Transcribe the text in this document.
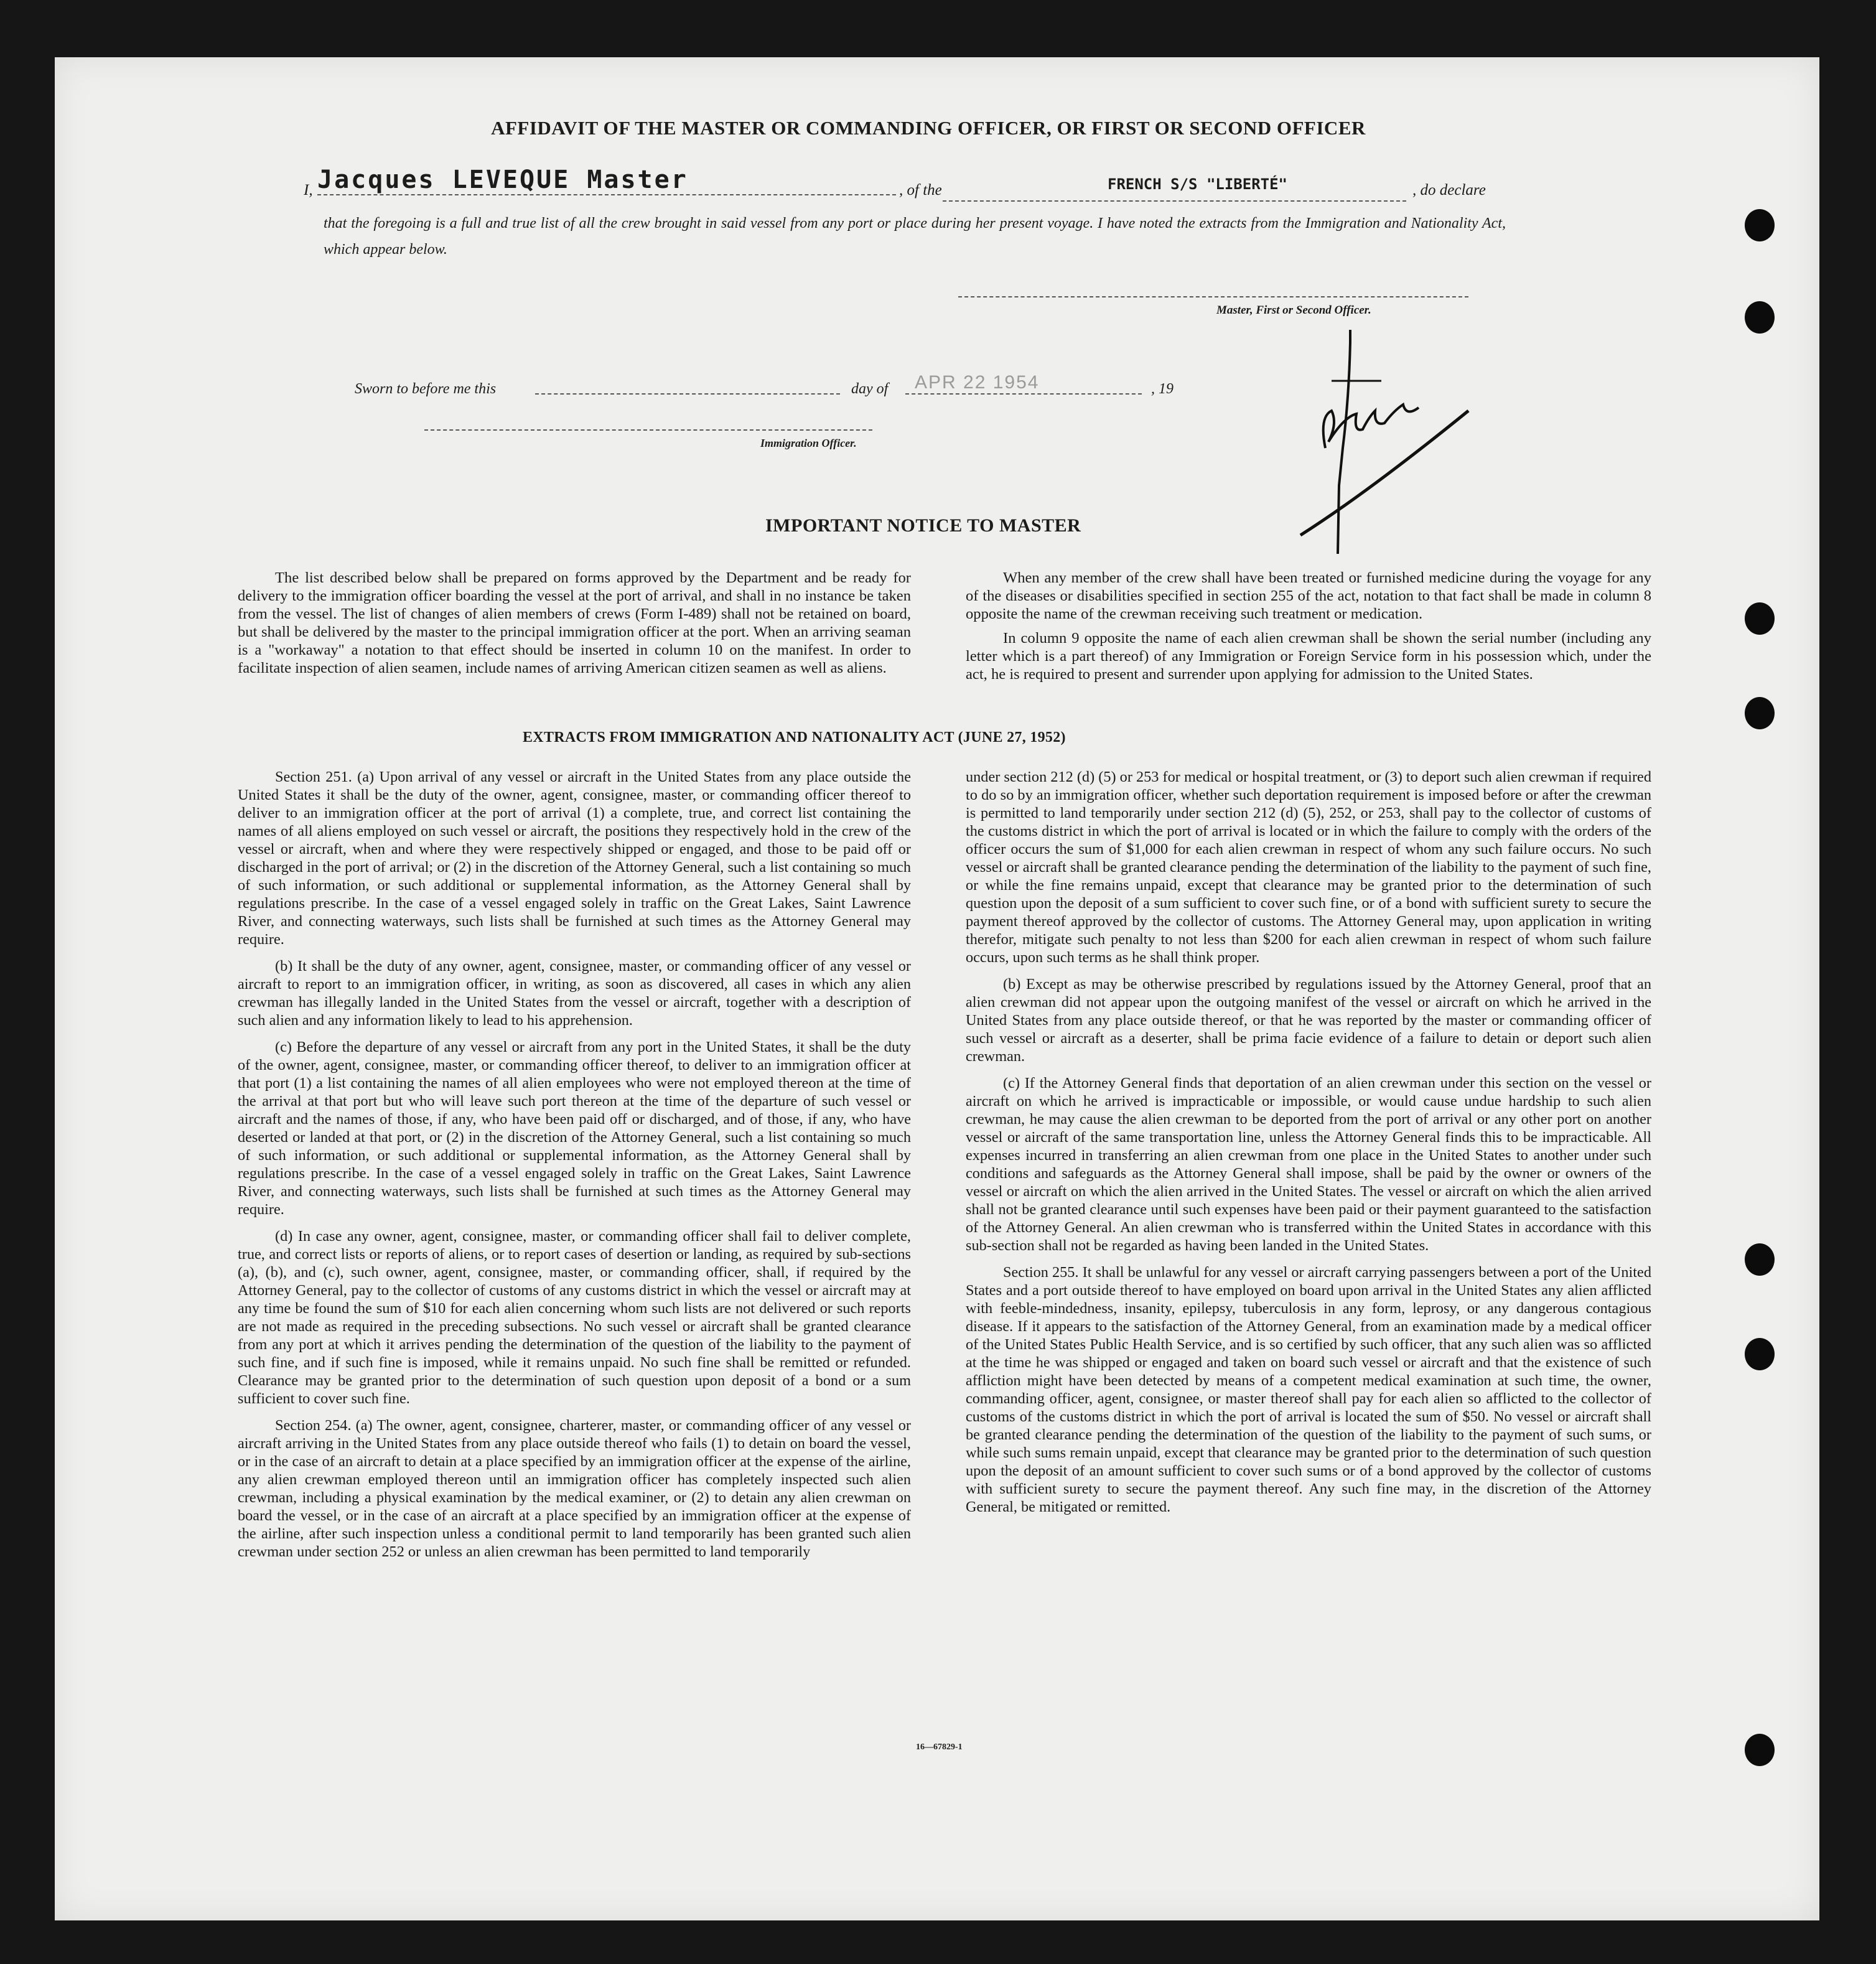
AFFIDAVIT OF THE MASTER OR COMMANDING OFFICER, OR FIRST OR SECOND OFFICER
I, Jacques LEVEQUE Master	, of the	FRENCH S/S "LIBERTÉ"	, do declare
that the foregoing is a full and true list of all the crew brought in said vessel from any port or place during her present voyage. I have noted the extracts from the Immigration and Nationality Act, which appear below.
Master, First or Second Officer.
Sworn to before me this	day of APR 22 1954	, 19
Immigration Officer.
IMPORTANT NOTICE TO MASTER

The list described below shall be prepared on forms approved by the Department and be ready for delivery to the immigration officer boarding the vessel at the port of arrival, and shall in no instance be taken from the vessel. The list of changes of alien members of crews (Form I-489) shall not be retained on board, but shall be delivered by the master to the principal immigration officer at the port. When an arriving seaman is a "workaway" a notation to that effect should be inserted in column 10 on the manifest. In order to facilitate inspection of alien seamen, include names of arriving American citizen seamen as well as aliens.

When any member of the crew shall have been treated or furnished medicine during the voyage for any of the diseases or disabilities specified in section 255 of the act, notation to that fact shall be made in column 8 opposite the name of the crewman receiving such treatment or medication.

In column 9 opposite the name of each alien crewman shall be shown the serial number (including any letter which is a part thereof) of any Immigration or Foreign Service form in his possession which, under the act, he is required to present and surrender upon applying for admission to the United States.

EXTRACTS FROM IMMIGRATION AND NATIONALITY ACT (JUNE 27, 1952)

Section 251. (a) Upon arrival of any vessel or aircraft in the United States from any place outside the United States it shall be the duty of the owner, agent, consignee, master, or commanding officer thereof to deliver to an immigration officer at the port of arrival (1) a complete, true, and correct list containing the names of all aliens employed on such vessel or aircraft, the positions they respectively hold in the crew of the vessel or aircraft, when and where they were respectively shipped or engaged, and those to be paid off or discharged in the port of arrival; or (2) in the discretion of the Attorney General, such a list containing so much of such information, or such additional or supplemental information, as the Attorney General shall by regulations prescribe. In the case of a vessel engaged solely in traffic on the Great Lakes, Saint Lawrence River, and connecting waterways, such lists shall be furnished at such times as the Attorney General may require.

(b) It shall be the duty of any owner, agent, consignee, master, or commanding officer of any vessel or aircraft to report to an immigration officer, in writing, as soon as discovered, all cases in which any alien crewman has illegally landed in the United States from the vessel or aircraft, together with a description of such alien and any information likely to lead to his apprehension.

(c) Before the departure of any vessel or aircraft from any port in the United States, it shall be the duty of the owner, agent, consignee, master, or commanding officer thereof, to deliver to an immigration officer at that port (1) a list containing the names of all alien employees who were not employed thereon at the time of the arrival at that port but who will leave such port thereon at the time of the departure of such vessel or aircraft and the names of those, if any, who have been paid off or discharged, and of those, if any, who have deserted or landed at that port, or (2) in the discretion of the Attorney General, such a list containing so much of such information, or such additional or supplemental information, as the Attorney General shall by regulations prescribe. In the case of a vessel engaged solely in traffic on the Great Lakes, Saint Lawrence River, and connecting waterways, such lists shall be furnished at such times as the Attorney General may require.

(d) In case any owner, agent, consignee, master, or commanding officer shall fail to deliver complete, true, and correct lists or reports of aliens, or to report cases of desertion or landing, as required by sub-sections (a), (b), and (c), such owner, agent, consignee, master, or commanding officer, shall, if required by the Attorney General, pay to the collector of customs of any customs district in which the vessel or aircraft may at any time be found the sum of $10 for each alien concerning whom such lists are not delivered or such reports are not made as required in the preceding subsections. No such vessel or aircraft shall be granted clearance from any port at which it arrives pending the determination of the question of the liability to the payment of such fine, and if such fine is imposed, while it remains unpaid. No such fine shall be remitted or refunded. Clearance may be granted prior to the determination of such question upon deposit of a bond or a sum sufficient to cover such fine.

Section 254. (a) The owner, agent, consignee, charterer, master, or commanding officer of any vessel or aircraft arriving in the United States from any place outside thereof who fails (1) to detain on board the vessel, or in the case of an aircraft to detain at a place specified by an immigration officer at the expense of the airline, any alien crewman employed thereon until an immigration officer has completely inspected such alien crewman, including a physical examination by the medical examiner, or (2) to detain any alien crewman on board the vessel, or in the case of an aircraft at a place specified by an immigration officer at the expense of the airline, after such inspection unless a conditional permit to land temporarily has been granted such alien crewman under section 252 or unless an alien crewman has been permitted to land temporarily

under section 212 (d) (5) or 253 for medical or hospital treatment, or (3) to deport such alien crewman if required to do so by an immigration officer, whether such deportation requirement is imposed before or after the crewman is permitted to land temporarily under section 212 (d) (5), 252, or 253, shall pay to the collector of customs of the customs district in which the port of arrival is located or in which the failure to comply with the orders of the officer occurs the sum of $1,000 for each alien crewman in respect of whom any such failure occurs. No such vessel or aircraft shall be granted clearance pending the determination of the liability to the payment of such fine, or while the fine remains unpaid, except that clearance may be granted prior to the determination of such question upon the deposit of a sum sufficient to cover such fine, or of a bond with sufficient surety to secure the payment thereof approved by the collector of customs. The Attorney General may, upon application in writing therefor, mitigate such penalty to not less than $200 for each alien crewman in respect of whom such failure occurs, upon such terms as he shall think proper.

(b) Except as may be otherwise prescribed by regulations issued by the Attorney General, proof that an alien crewman did not appear upon the outgoing manifest of the vessel or aircraft on which he arrived in the United States from any place outside thereof, or that he was reported by the master or commanding officer of such vessel or aircraft as a deserter, shall be prima facie evidence of a failure to detain or deport such alien crewman.

(c) If the Attorney General finds that deportation of an alien crewman under this section on the vessel or aircraft on which he arrived is impracticable or impossible, or would cause undue hardship to such alien crewman, he may cause the alien crewman to be deported from the port of arrival or any other port on another vessel or aircraft of the same transportation line, unless the Attorney General finds this to be impracticable. All expenses incurred in transferring an alien crewman from one place in the United States to another under such conditions and safeguards as the Attorney General shall impose, shall be paid by the owner or owners of the vessel or aircraft on which the alien arrived in the United States. The vessel or aircraft on which the alien arrived shall not be granted clearance until such expenses have been paid or their payment guaranteed to the satisfaction of the Attorney General. An alien crewman who is transferred within the United States in accordance with this sub-section shall not be regarded as having been landed in the United States.

Section 255. It shall be unlawful for any vessel or aircraft carrying passengers between a port of the United States and a port outside thereof to have employed on board upon arrival in the United States any alien afflicted with feeble-mindedness, insanity, epilepsy, tuberculosis in any form, leprosy, or any dangerous contagious disease. If it appears to the satisfaction of the Attorney General, from an examination made by a medical officer of the United States Public Health Service, and is so certified by such officer, that any such alien was so afflicted at the time he was shipped or engaged and taken on board such vessel or aircraft and that the existence of such affliction might have been detected by means of a competent medical examination at such time, the owner, commanding officer, agent, consignee, or master thereof shall pay for each alien so afflicted to the collector of customs of the customs district in which the port of arrival is located the sum of $50. No vessel or aircraft shall be granted clearance pending the determination of the question of the liability to the payment of such sums, or while such sums remain unpaid, except that clearance may be granted prior to the determination of such question upon the deposit of an amount sufficient to cover such sums or of a bond approved by the collector of customs with sufficient surety to secure the payment thereof. Any such fine may, in the discretion of the Attorney General, be mitigated or remitted.

16—67829-1
